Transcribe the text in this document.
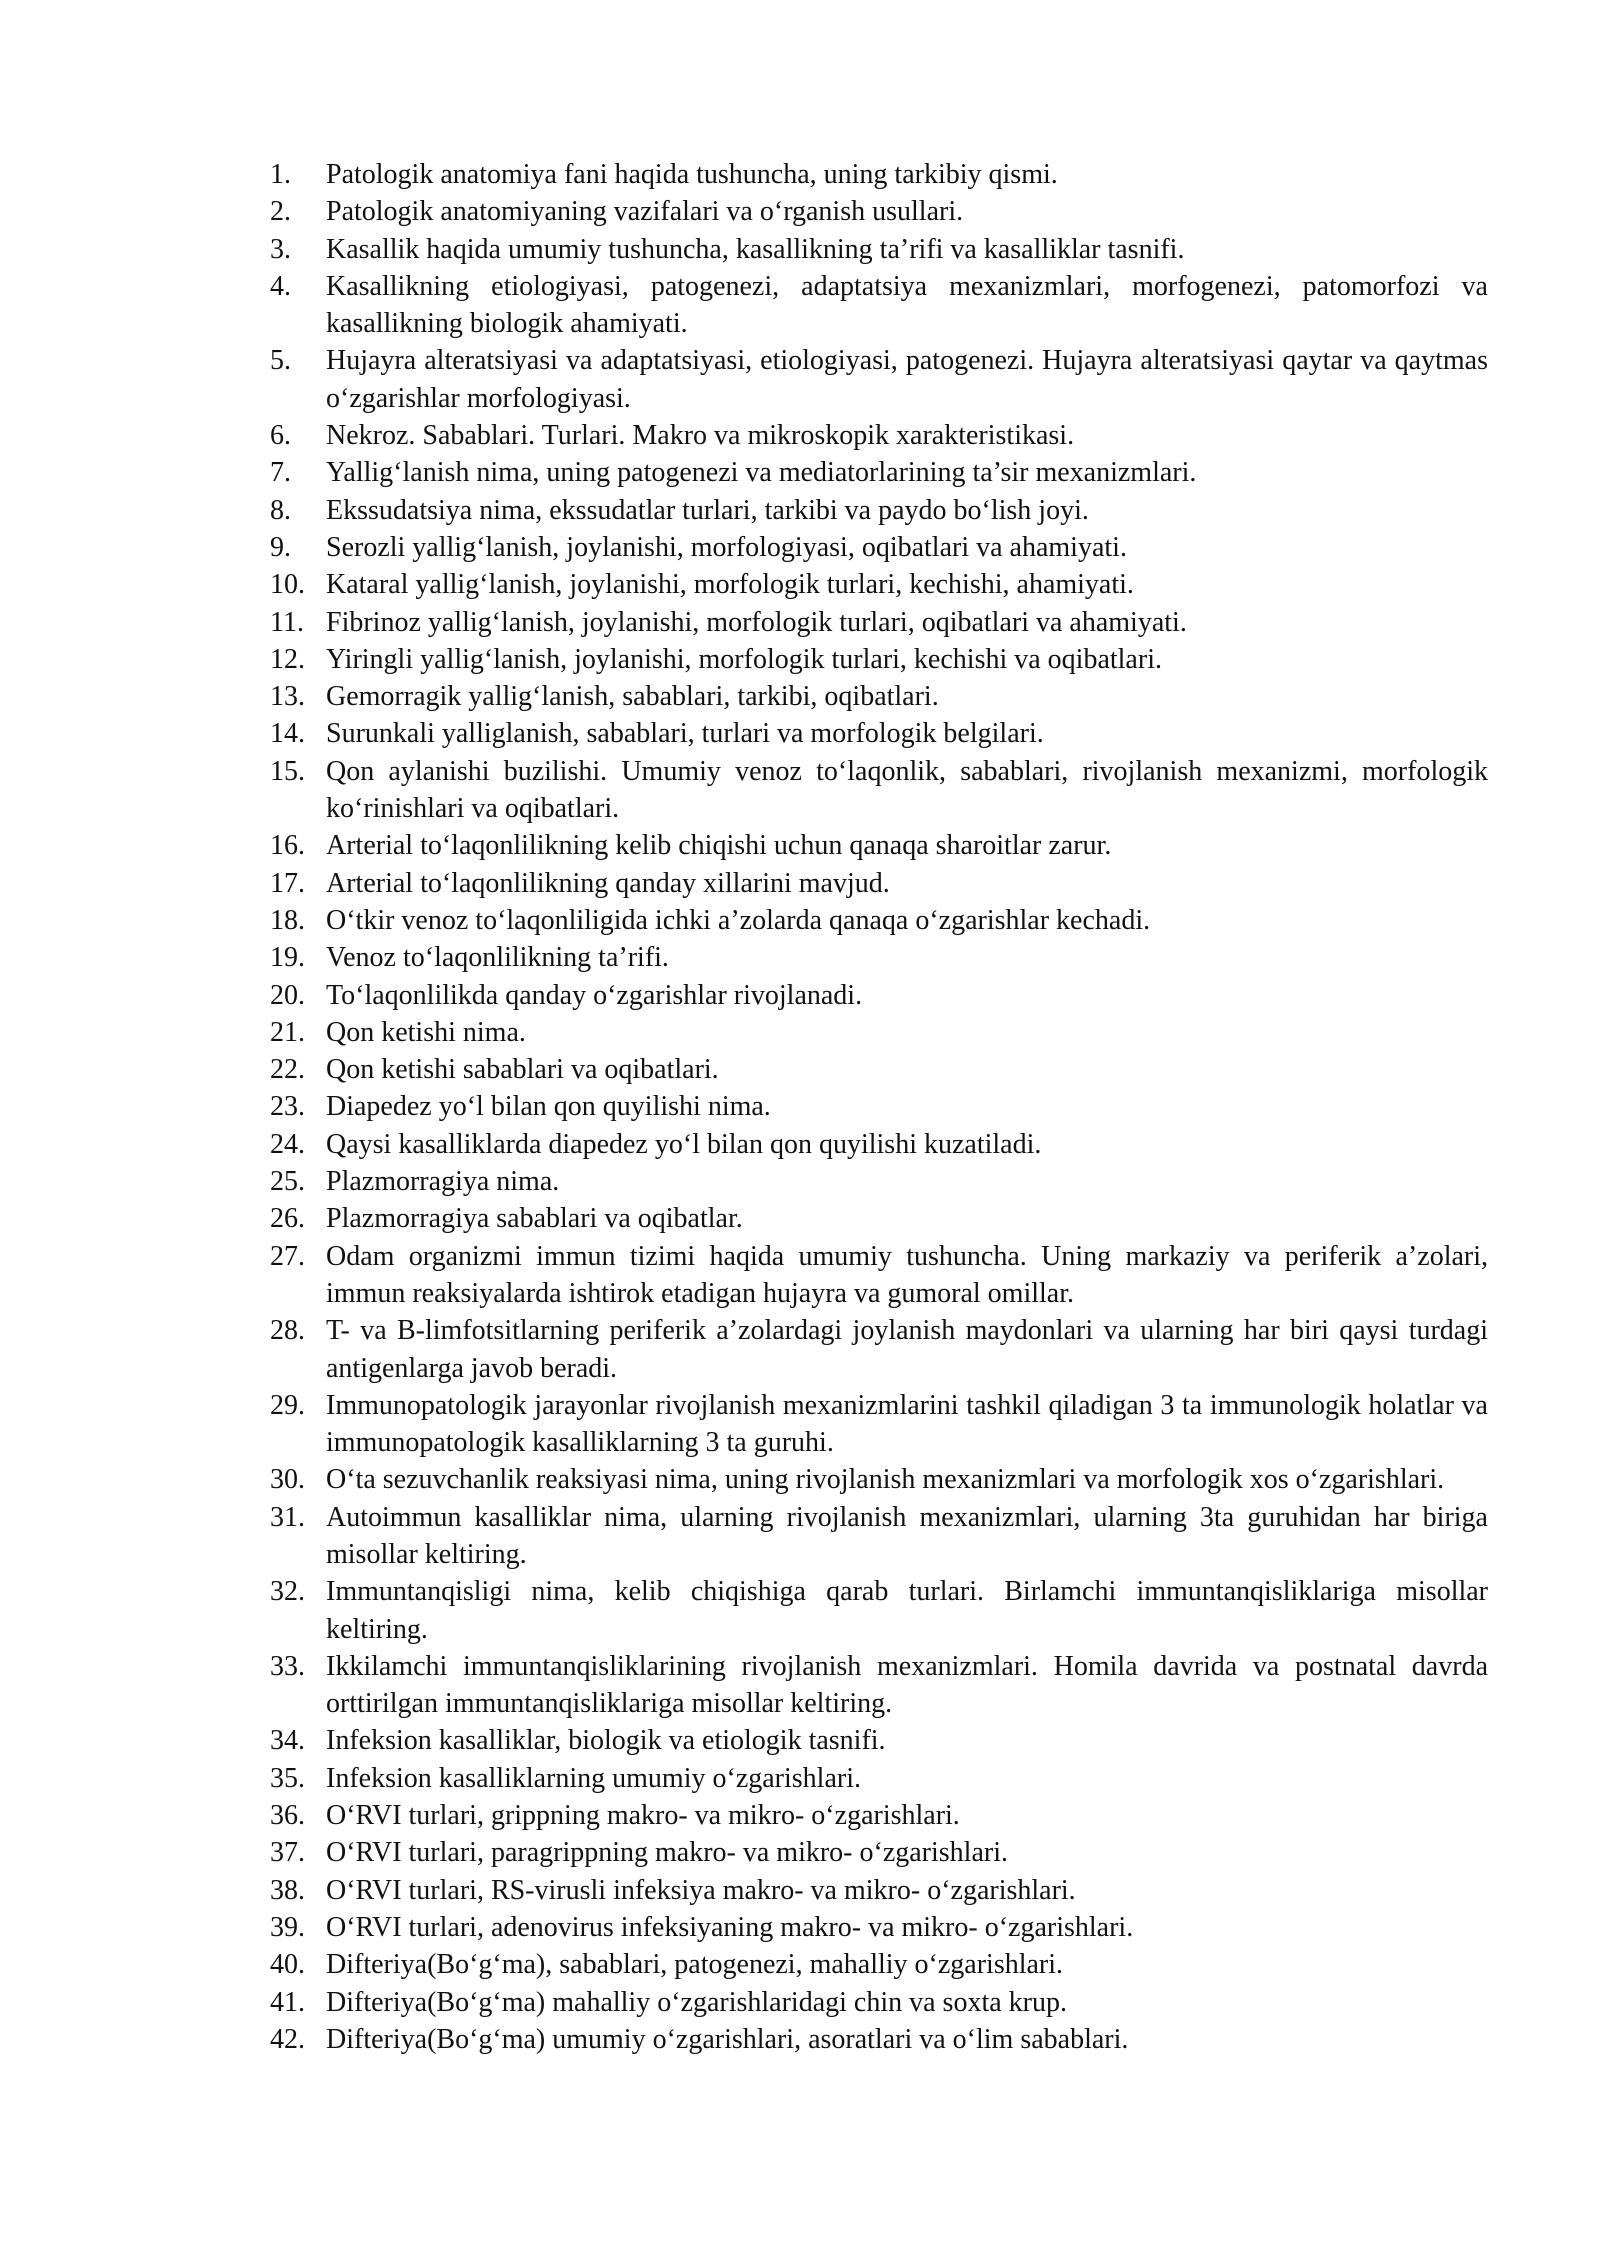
1.	Patologik anatomiya fani haqida tushuncha, uning tarkibiy qismi.
2.	Patologik anatomiyaning vazifalari va o‘rganish usullari.
3.	Kasallik haqida umumiy tushuncha, kasallikning ta’rifi va kasalliklar tasnifi.
4.	Kasallikning etiologiyasi, patogenezi, adaptatsiya mexanizmlari, morfogenezi, patomorfozi va kasallikning biologik ahamiyati.
5.	Hujayra alteratsiyasi va adaptatsiyasi, etiologiyasi, patogenezi. Hujayra alteratsiyasi qaytar va qaytmas o‘zgarishlar morfologiyasi.
6.	Nekroz. Sabablari. Turlari. Makro va mikroskopik xarakteristikasi.
7.	Yallig‘lanish nima, uning patogenezi va mediatorlarining ta’sir mexanizmlari.
8.	Ekssudatsiya nima, ekssudatlar turlari, tarkibi va paydo bo‘lish joyi.
9.	Serozli yallig‘lanish, joylanishi, morfologiyasi, oqibatlari va ahamiyati.
10. Kataral yallig‘lanish, joylanishi, morfologik turlari, kechishi, ahamiyati.
11. Fibrinoz yallig‘lanish, joylanishi, morfologik turlari, oqibatlari va ahamiyati.
12. Yiringli yallig‘lanish, joylanishi, morfologik turlari, kechishi va oqibatlari.
13. Gemorragik yallig‘lanish, sabablari, tarkibi, oqibatlari.
14. Surunkali yalliglanish, sabablari, turlari va morfologik belgilari.
15. Qon aylanishi buzilishi. Umumiy venoz to‘laqonlik, sabablari, rivojlanish mexanizmi, morfologik ko‘rinishlari va oqibatlari.
16. Arterial to‘laqonlilikning kelib chiqishi uchun qanaqa sharoitlar zarur.
17. Arterial to‘laqonlilikning qanday xillarini mavjud.
18. O‘tkir venoz to‘laqonliligida ichki a’zolarda qanaqa o‘zgarishlar kechadi.
19. Venoz to‘laqonlilikning ta’rifi.
20. To‘laqonlilikda qanday o‘zgarishlar rivojlanadi.
21. Qon ketishi nima.
22. Qon ketishi sabablari va oqibatlari.
23. Diapedez yo‘l bilan qon quyilishi nima.
24. Qaysi kasalliklarda diapedez yo‘l bilan qon quyilishi kuzatiladi.
25. Plazmorragiya nima.
26. Plazmorragiya sabablari va oqibatlar.
27. Odam organizmi immun tizimi haqida umumiy tushuncha. Uning markaziy va periferik a’zolari, immun reaksiyalarda ishtirok etadigan hujayra va gumoral omillar.
28. T- va B-limfotsitlarning periferik a’zolardagi joylanish maydonlari va ularning har biri qaysi turdagi antigenlarga javob beradi.
29. Immunopatologik jarayonlar rivojlanish mexanizmlarini tashkil qiladigan 3 ta immunologik holatlar va immunopatologik kasalliklarning 3 ta guruhi.
30. O‘ta sezuvchanlik reaksiyasi nima, uning rivojlanish mexanizmlari va morfologik xos o‘zgarishlari.
31. Autoimmun kasalliklar nima, ularning rivojlanish mexanizmlari, ularning 3ta guruhidan har biriga misollar keltiring.
32. Immuntanqisligi nima, kelib chiqishiga qarab turlari. Birlamchi immuntanqisliklariga misollar keltiring.
33. Ikkilamchi immuntanqisliklarining rivojlanish mexanizmlari. Homila davrida va postnatal davrda orttirilgan immuntanqisliklariga misollar keltiring.
34. Infeksion kasalliklar, biologik va etiologik tasnifi.
35. Infeksion kasalliklarning umumiy o‘zgarishlari.
36. O‘RVI turlari, grippning makro- va mikro- o‘zgarishlari.
37. O‘RVI turlari, paragrippning makro- va mikro- o‘zgarishlari.
38. O‘RVI turlari, RS-virusli infeksiya makro- va mikro- o‘zgarishlari.
39. O‘RVI turlari, adenovirus infeksiyaning makro- va mikro- o‘zgarishlari.
40. Difteriya(Bo‘g‘ma), sabablari, patogenezi, mahalliy o‘zgarishlari.
41. Difteriya(Bo‘g‘ma) mahalliy o‘zgarishlaridagi chin va soxta krup.
42. Difteriya(Bo‘g‘ma) umumiy o‘zgarishlari, asoratlari va o‘lim sabablari.
